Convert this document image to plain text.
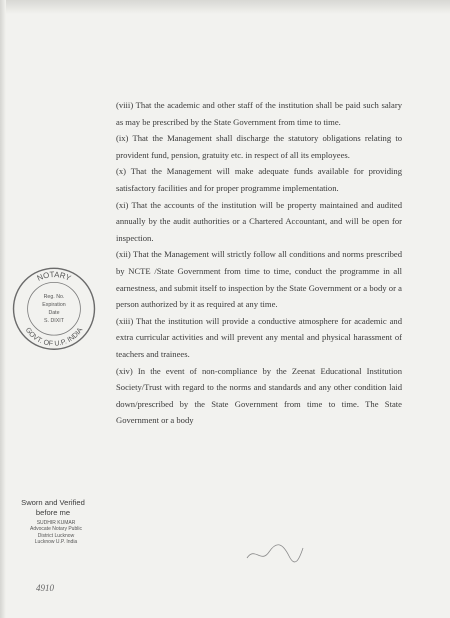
(viii) That the academic and other staff of the institution shall be paid such salary as may be prescribed by the State Government from time to time.

(ix) That the Management shall discharge the statutory obligations relating to provident fund, pension, gratuity etc. in respect of all its employees.

(x) That the Management will make adequate funds available for providing satisfactory facilities and for proper programme implementation.

(xi) That the accounts of the institution will be property maintained and audited annually by the audit authorities or a Chartered Accountant, and will be open for inspection.

(xii) That the Management will strictly follow all conditions and norms prescribed by NCTE /State Government from time to time, conduct the programme in all earnestness, and submit itself to inspection by the State Government or a body or a person authorized by it as required at any time.

(xiii) That the institution will provide a conductive atmosphere for academic and extra curricular activities and will prevent any mental and physical harassment of teachers and trainees.

(xiv) In the event of non-compliance by the Zeenat Educational Institution Society/Trust with regard to the norms and standards and any other condition laid down/prescribed by the State Government from time to time. The State Government or a body

NOTARY
GOVT. OF U.P. INDIA
Reg. No.
Expiration
Date
S. DIXIT
Sworn and Verified before me
SUDHIR KUMAR
Advocate Notary Public
District Lucknow
Lucknow U.P. India
4910
